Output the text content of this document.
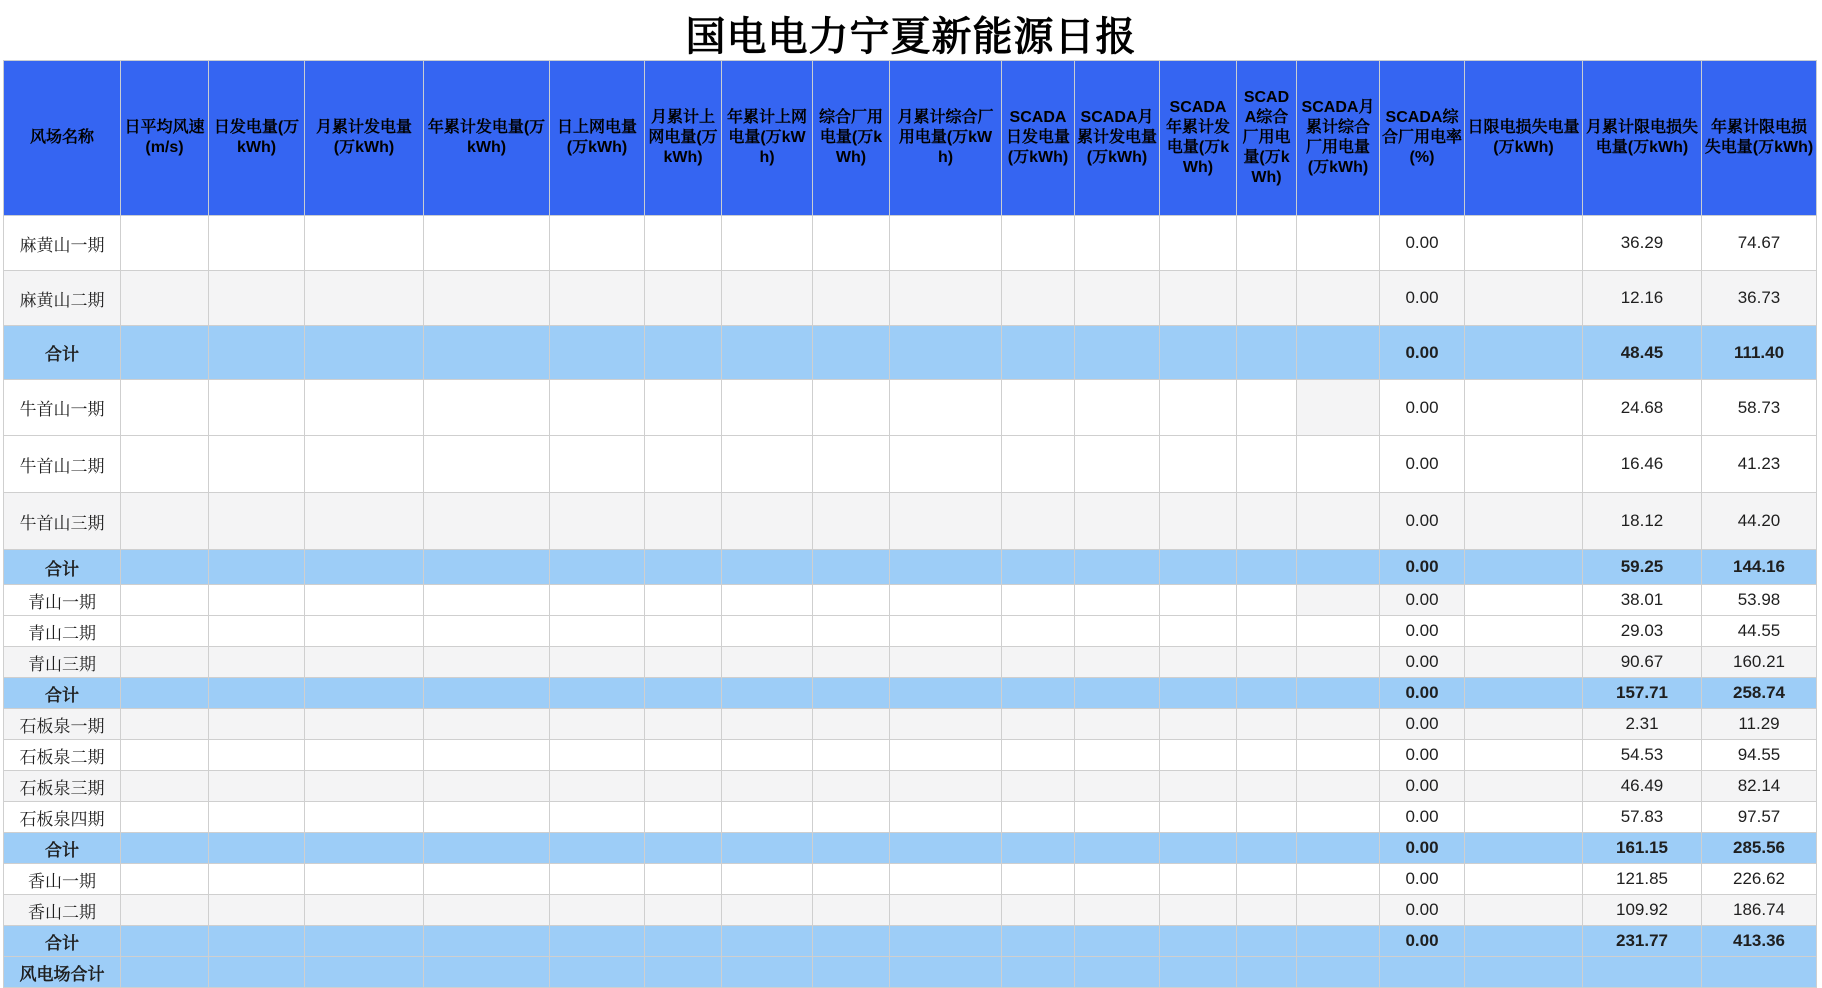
国电电力宁夏新能源日报
风场名称	日平均风速(m/s)	日发电量(万kWh)	月累计发电量(万kWh)	年累计发电量(万kWh)	日上网电量(万kWh)	月累计上网电量(万kWh)	年累计上网电量(万kWh)	综合厂用电量(万kWh)	月累计综合厂用电量(万kWh)	SCADA日发电量(万kWh)	SCADA月累计发电量(万kWh)	SCADA年累计发电量(万kWh)	SCADA综合厂用电量(万kWh)	SCADA月累计综合厂用电量(万kWh)	SCADA综合厂用电率(%)	日限电损失电量(万kWh)	月累计限电损失电量(万kWh)	年累计限电损失电量(万kWh)
麻黄山一期															0.00		36.29	74.67
麻黄山二期															0.00		12.16	36.73
合计															0.00		48.45	111.40
牛首山一期															0.00		24.68	58.73
牛首山二期															0.00		16.46	41.23
牛首山三期															0.00		18.12	44.20
合计															0.00		59.25	144.16
青山一期															0.00		38.01	53.98
青山二期															0.00		29.03	44.55
青山三期															0.00		90.67	160.21
合计															0.00		157.71	258.74
石板泉一期															0.00		2.31	11.29
石板泉二期															0.00		54.53	94.55
石板泉三期															0.00		46.49	82.14
石板泉四期															0.00		57.83	97.57
合计															0.00		161.15	285.56
香山一期															0.00		121.85	226.62
香山二期															0.00		109.92	186.74
合计															0.00		231.77	413.36
风电场合计																		
